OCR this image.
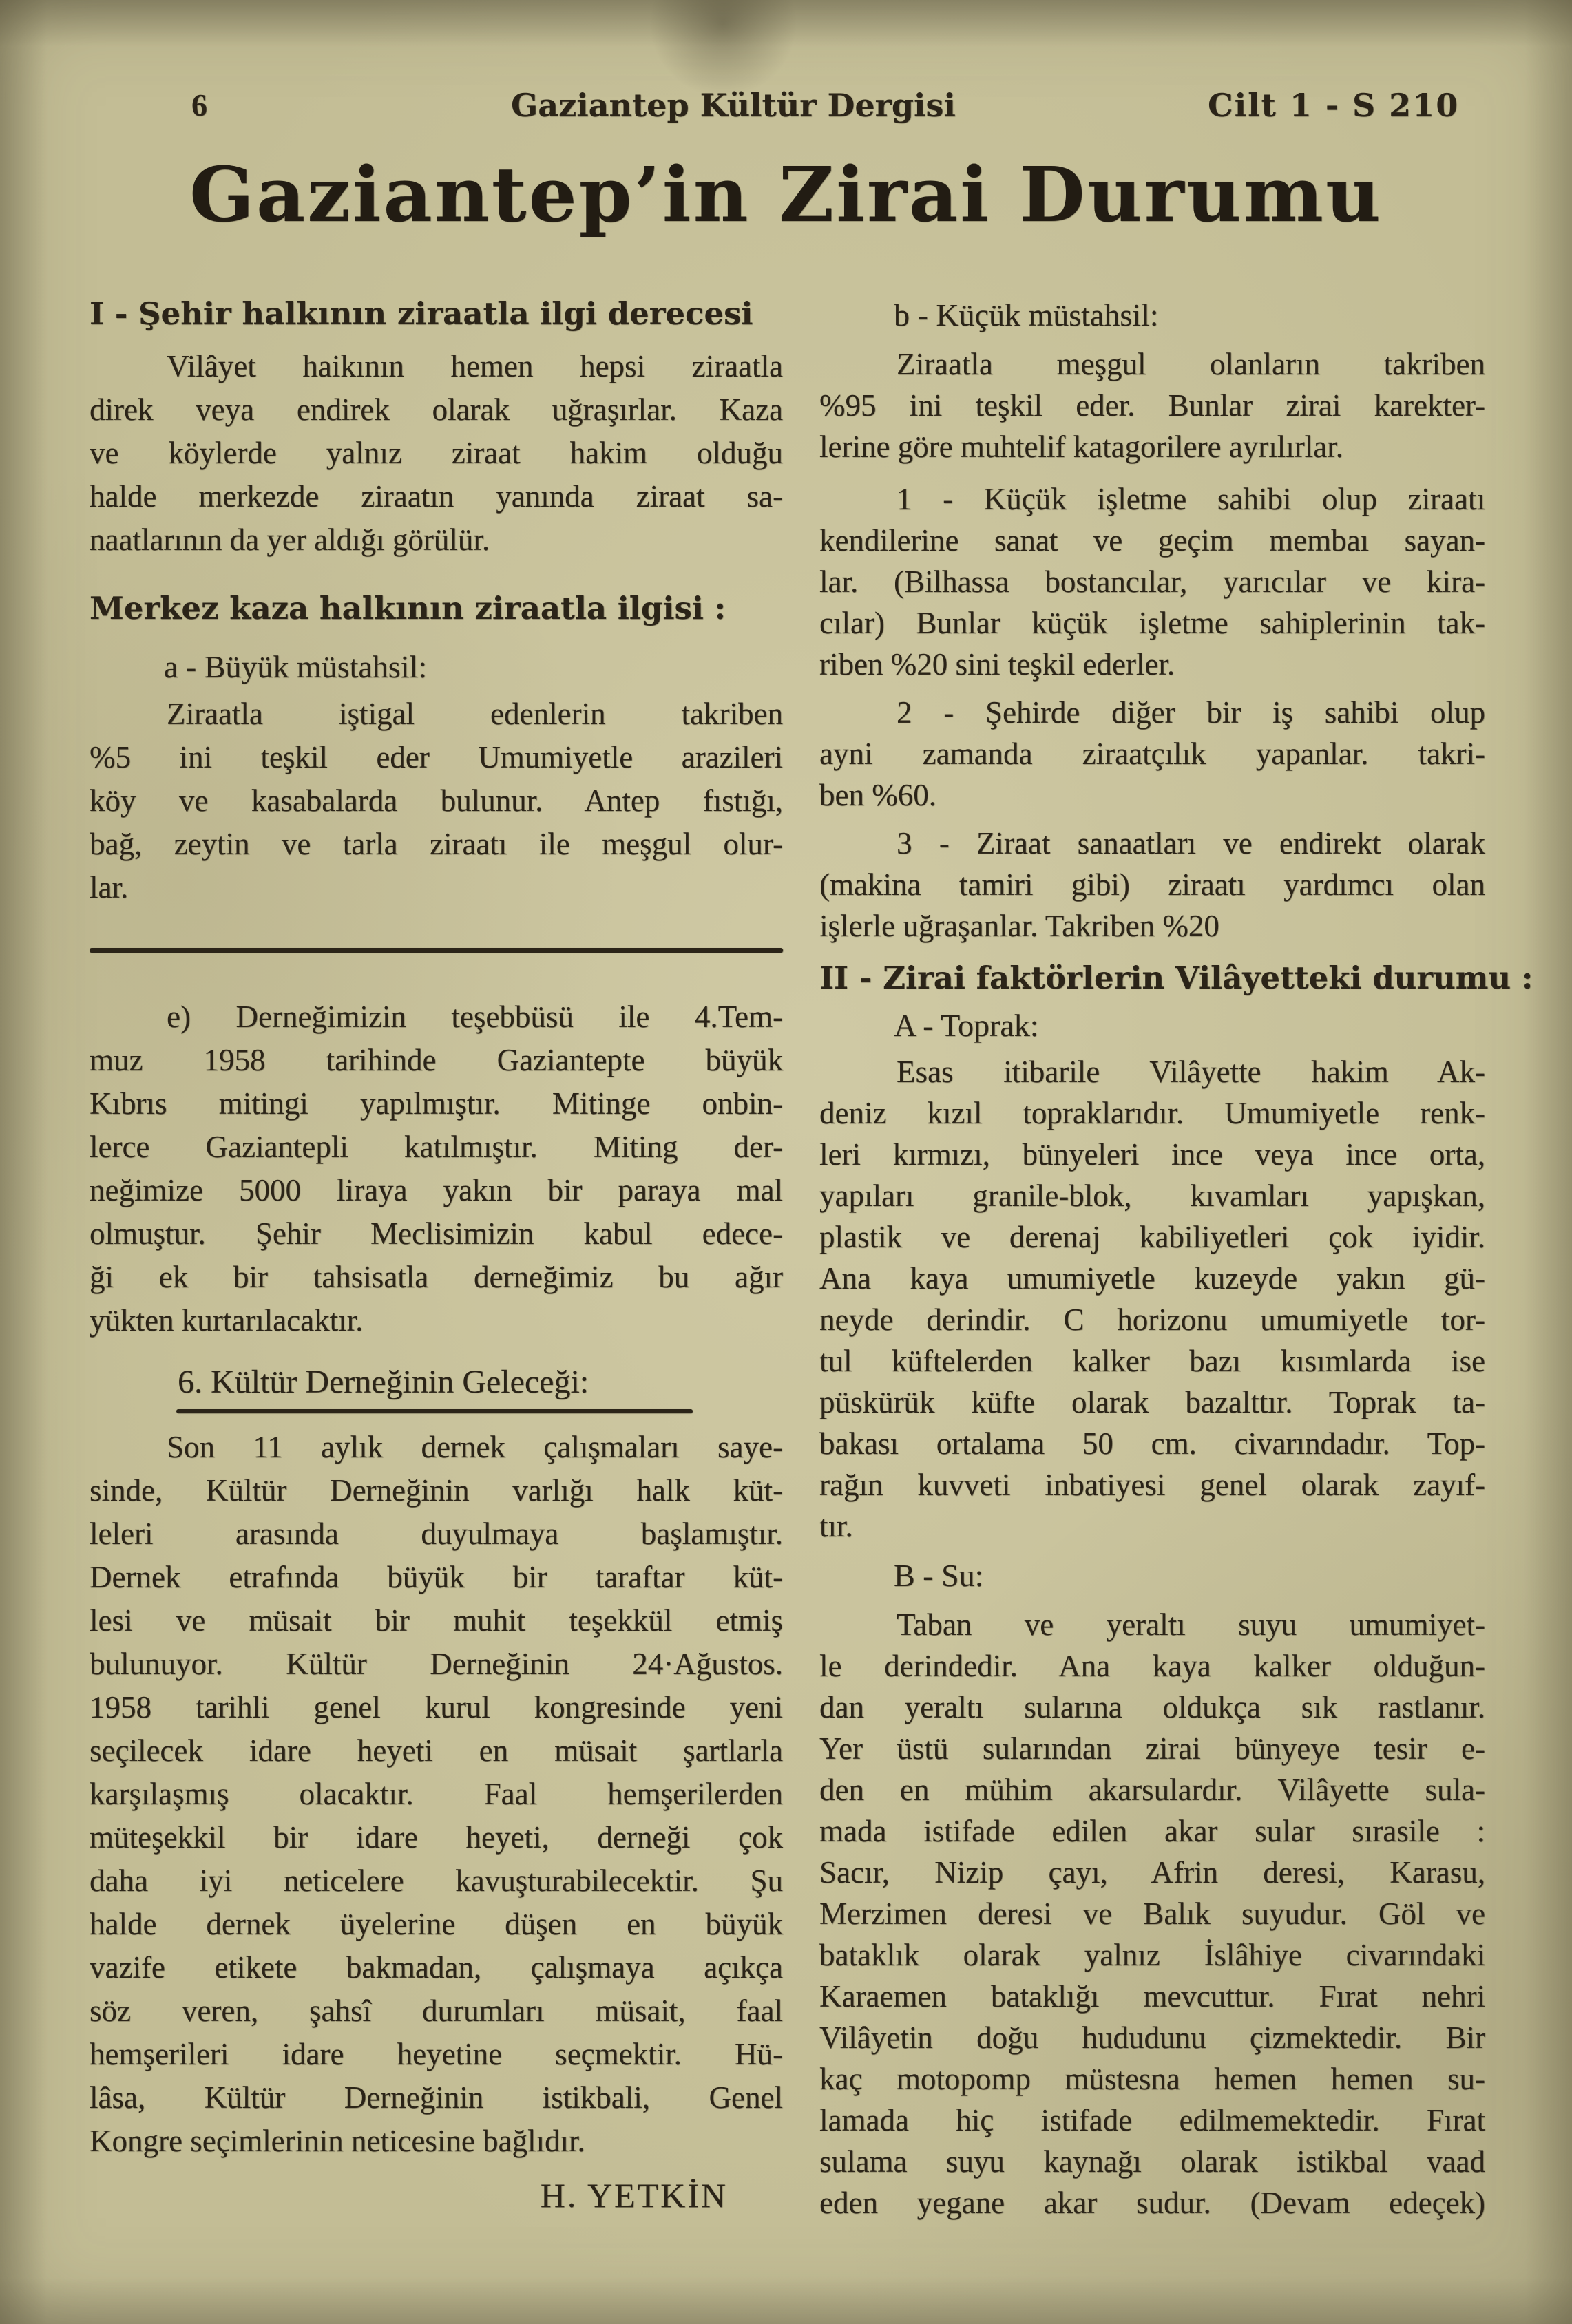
6	Gaziantep Kültür Dergisi	Cilt 1 - S 210
Gaziantep’in Zirai Durumu
I - Şehir halkının ziraatla ilgi derecesi
Vilâyet haikının hemen hepsi ziraatla
direk veya endirek olarak uğraşırlar. Kaza
ve köylerde yalnız ziraat hakim olduğu
halde merkezde ziraatın yanında ziraat sa-
naatlarının da yer aldığı görülür.
Merkez kaza halkının ziraatla ilgisi :
a - Büyük müstahsil:
Ziraatla iştigal edenlerin takriben
%5 ini teşkil eder Umumiyetle arazileri
köy ve kasabalarda bulunur. Antep fıstığı,
bağ, zeytin ve tarla ziraatı ile meşgul olur-
lar.
e) Derneğimizin teşebbüsü ile 4.Tem-
muz 1958 tarihinde Gaziantepte büyük
Kıbrıs mitingi yapılmıştır. Mitinge onbin-
lerce Gaziantepli katılmıştır. Miting der-
neğimize 5000 liraya yakın bir paraya mal
olmuştur. Şehir Meclisimizin kabul edece-
ği ek bir tahsisatla derneğimiz bu ağır
yükten kurtarılacaktır.
6. Kültür Derneğinin Geleceği:
Son 11 aylık dernek çalışmaları saye-
sinde, Kültür Derneğinin varlığı halk küt-
leleri arasında duyulmaya başlamıştır.
Dernek etrafında büyük bir taraftar küt-
lesi ve müsait bir muhit teşekkül etmiş
bulunuyor. Kültür Derneğinin 24·Ağustos.
1958 tarihli genel kurul kongresinde yeni
seçilecek idare heyeti en müsait şartlarla
karşılaşmış olacaktır. Faal hemşerilerden
müteşekkil bir idare heyeti, derneği çok
daha iyi neticelere kavuşturabilecektir. Şu
halde dernek üyelerine düşen en büyük
vazife etikete bakmadan, çalışmaya açıkça
söz veren, şahsî durumları müsait, faal
hemşerileri idare heyetine seçmektir. Hü-
lâsa, Kültür Derneğinin istikbali, Genel
Kongre seçimlerinin neticesine bağlıdır.
H. YETKİN
b - Küçük müstahsil:
Ziraatla meşgul olanların takriben
%95 ini teşkil eder. Bunlar zirai karekter-
lerine göre muhtelif katagorilere ayrılırlar.
1 - Küçük işletme sahibi olup ziraatı
kendilerine sanat ve geçim membaı sayan-
lar. (Bilhassa bostancılar, yarıcılar ve kira-
cılar) Bunlar küçük işletme sahiplerinin tak-
riben %20 sini teşkil ederler.
2 - Şehirde diğer bir iş sahibi olup
ayni zamanda ziraatçılık yapanlar. takri-
ben %60.
3 - Ziraat sanaatları ve endirekt olarak
(makina tamiri gibi) ziraatı yardımcı olan
işlerle uğraşanlar. Takriben %20
II - Zirai faktörlerin Vilâyetteki durumu :
A - Toprak:
Esas itibarile Vilâyette hakim Ak-
deniz kızıl topraklarıdır. Umumiyetle renk-
leri kırmızı, bünyeleri ince veya ince orta,
yapıları granile-blok, kıvamları yapışkan,
plastik ve derenaj kabiliyetleri çok iyidir.
Ana kaya umumiyetle kuzeyde yakın gü-
neyde derindir. C horizonu umumiyetle tor-
tul küftelerden kalker bazı kısımlarda ise
püskürük küfte olarak bazalttır. Toprak ta-
bakası ortalama 50 cm. civarındadır. Top-
rağın kuvveti inbatiyesi genel olarak zayıf-
tır.
B - Su:
Taban ve yeraltı suyu umumiyet-
le derindedir. Ana kaya kalker olduğun-
dan yeraltı sularına oldukça sık rastlanır.
Yer üstü sularından zirai bünyeye tesir e-
den en mühim akarsulardır. Vilâyette sula-
mada istifade edilen akar sular sırasile :
Sacır, Nizip çayı, Afrin deresi, Karasu,
Merzimen deresi ve Balık suyudur. Göl ve
bataklık olarak yalnız İslâhiye civarındaki
Karaemen bataklığı mevcuttur. Fırat nehri
Vilâyetin doğu hududunu çizmektedir. Bir
kaç motopomp müstesna hemen hemen su-
lamada hiç istifade edilmemektedir. Fırat
sulama suyu kaynağı olarak istikbal vaad
eden yegane akar sudur. (Devam edeçek)
